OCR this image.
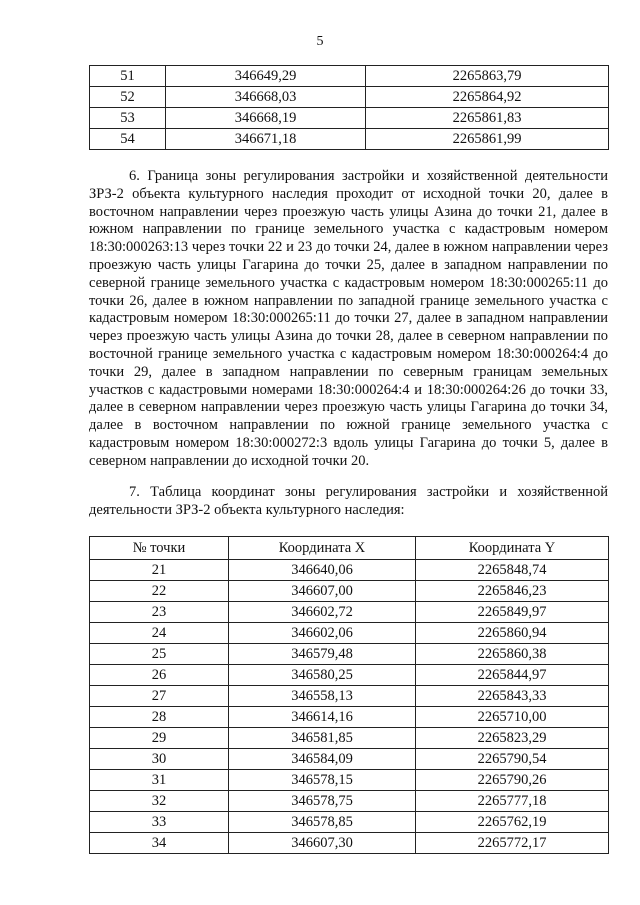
5
51	346649,29	2265863,79
52	346668,03	2265864,92
53	346668,19	2265861,83
54	346671,18	2265861,99

6. Граница зоны регулирования застройки и хозяйственной деятельности ЗРЗ-2 объекта культурного наследия проходит от исходной точки 20, далее в восточном направлении через проезжую часть улицы Азина до точки 21, далее в южном направлении по границе земельного участка с кадастровым номером 18:30:000263:13 через точки 22 и 23 до точки 24, далее в южном направлении через проезжую часть улицы Гагарина до точки 25, далее в западном направлении по северной границе земельного участка с кадастровым номером 18:30:000265:11 до точки 26, далее в южном направлении по западной границе земельного участка с кадастровым номером 18:30:000265:11 до точки 27, далее в западном направлении через проезжую часть улицы Азина до точки 28, далее в северном направлении по восточной границе земельного участка с кадастровым номером 18:30:000264:4 до точки 29, далее в западном направлении по северным границам земельных участков с кадастровыми номерами 18:30:000264:4 и 18:30:000264:26 до точки 33, далее в северном направлении через проезжую часть улицы Гагарина до точки 34, далее в восточном направлении по южной границе земельного участка с кадастровым номером 18:30:000272:3 вдоль улицы Гагарина до точки 5, далее в северном направлении до исходной точки 20.

7. Таблица координат зоны регулирования застройки и хозяйственной деятельности ЗРЗ-2 объекта культурного наследия:

№ точки	Координата X	Координата Y
21	346640,06	2265848,74
22	346607,00	2265846,23
23	346602,72	2265849,97
24	346602,06	2265860,94
25	346579,48	2265860,38
26	346580,25	2265844,97
27	346558,13	2265843,33
28	346614,16	2265710,00
29	346581,85	2265823,29
30	346584,09	2265790,54
31	346578,15	2265790,26
32	346578,75	2265777,18
33	346578,85	2265762,19
34	346607,30	2265772,17
